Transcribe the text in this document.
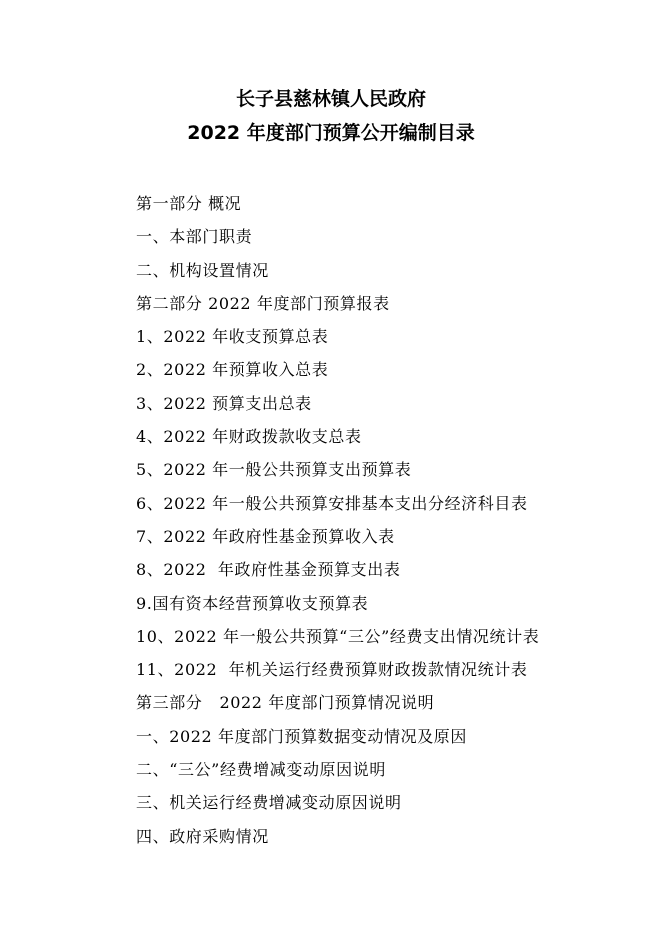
长子县慈林镇人民政府
2022 年度部门预算公开编制目录
第一部分 概况
一、本部门职责
二、机构设置情况
第二部分 2022 年度部门预算报表
1、2022 年收支预算总表
2、2022 年预算收入总表
3、2022 预算支出总表
4、2022 年财政拨款收支总表
5、2022 年一般公共预算支出预算表
6、2022 年一般公共预算安排基本支出分经济科目表
7、2022 年政府性基金预算收入表
8、2022  年政府性基金预算支出表
9.国有资本经营预算收支预算表
10、2022 年一般公共预算“三公”经费支出情况统计表
11、2022  年机关运行经费预算财政拨款情况统计表
第三部分   2022 年度部门预算情况说明
一、2022 年度部门预算数据变动情况及原因
二、“三公”经费增减变动原因说明
三、机关运行经费增减变动原因说明
四、政府采购情况
